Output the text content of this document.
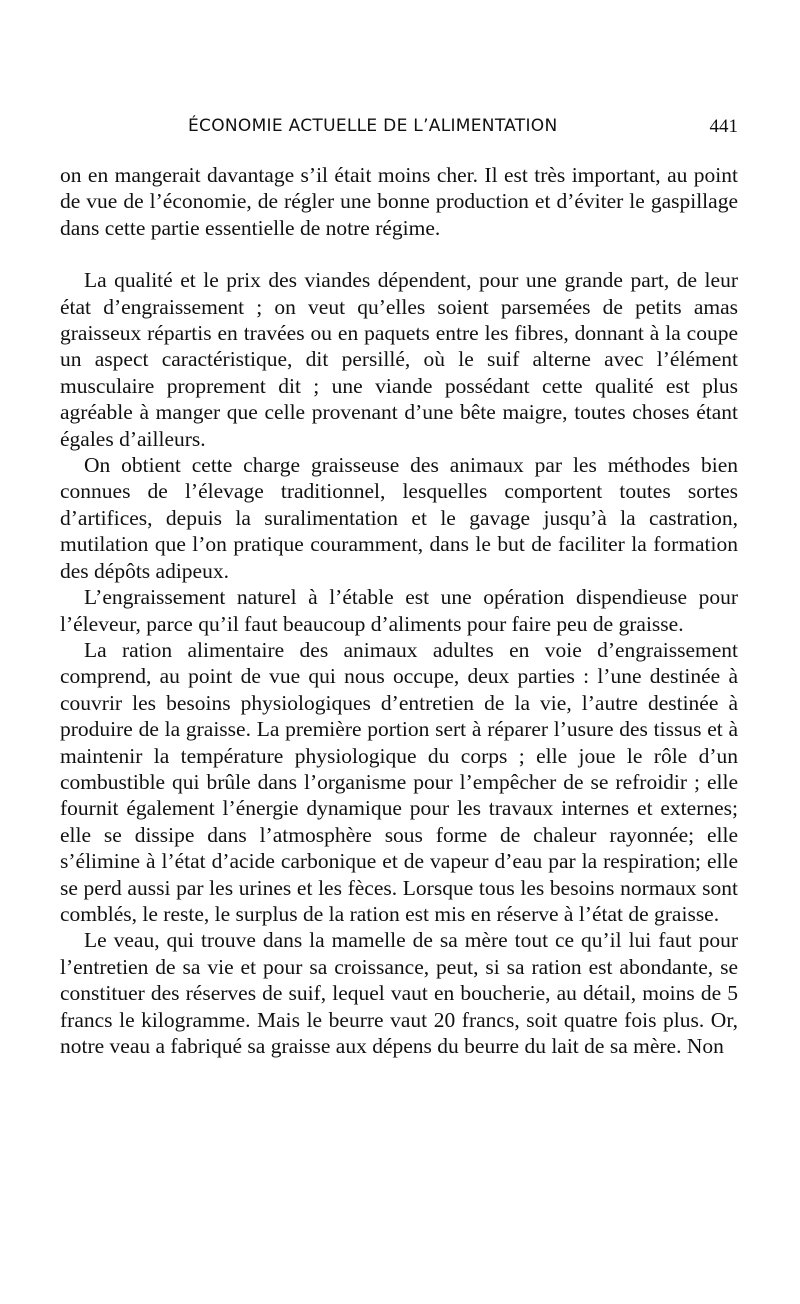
ÉCONOMIE ACTUELLE DE L’ALIMENTATION	441

on en mangerait davantage s’il était moins cher. Il est très important, au point de vue de l’économie, de régler une bonne production et d’éviter le gaspillage dans cette partie essentielle de notre régime.

La qualité et le prix des viandes dépendent, pour une grande part, de leur état d’engraissement ; on veut qu’elles soient parsemées de petits amas graisseux répartis en travées ou en paquets entre les fibres, donnant à la coupe un aspect caractéristique, dit persillé, où le suif alterne avec l’élément musculaire proprement dit ; une viande possédant cette qualité est plus agréable à manger que celle provenant d’une bête maigre, toutes choses étant égales d’ailleurs.

On obtient cette charge graisseuse des animaux par les méthodes bien connues de l’élevage traditionnel, lesquelles comportent toutes sortes d’artifices, depuis la suralimentation et le gavage jusqu’à la castration, mutilation que l’on pratique couramment, dans le but de faciliter la formation des dépôts adipeux.

L’engraissement naturel à l’étable est une opération dispendieuse pour l’éleveur, parce qu’il faut beaucoup d’aliments pour faire peu de graisse.

La ration alimentaire des animaux adultes en voie d’engraissement comprend, au point de vue qui nous occupe, deux parties : l’une destinée à couvrir les besoins physiologiques d’entretien de la vie, l’autre destinée à produire de la graisse. La première portion sert à réparer l’usure des tissus et à maintenir la température physiologique du corps ; elle joue le rôle d’un combustible qui brûle dans l’organisme pour l’empêcher de se refroidir ; elle fournit également l’énergie dynamique pour les travaux internes et externes; elle se dissipe dans l’atmosphère sous forme de chaleur rayonnée; elle s’élimine à l’état d’acide carbonique et de vapeur d’eau par la respiration; elle se perd aussi par les urines et les fèces. Lorsque tous les besoins normaux sont comblés, le reste, le surplus de la ration est mis en réserve à l’état de graisse.

Le veau, qui trouve dans la mamelle de sa mère tout ce qu’il lui faut pour l’entretien de sa vie et pour sa croissance, peut, si sa ration est abondante, se constituer des réserves de suif, lequel vaut en boucherie, au détail, moins de 5 francs le kilogramme. Mais le beurre vaut 20 francs, soit quatre fois plus. Or, notre veau a fabriqué sa graisse aux dépens du beurre du lait de sa mère. Non
